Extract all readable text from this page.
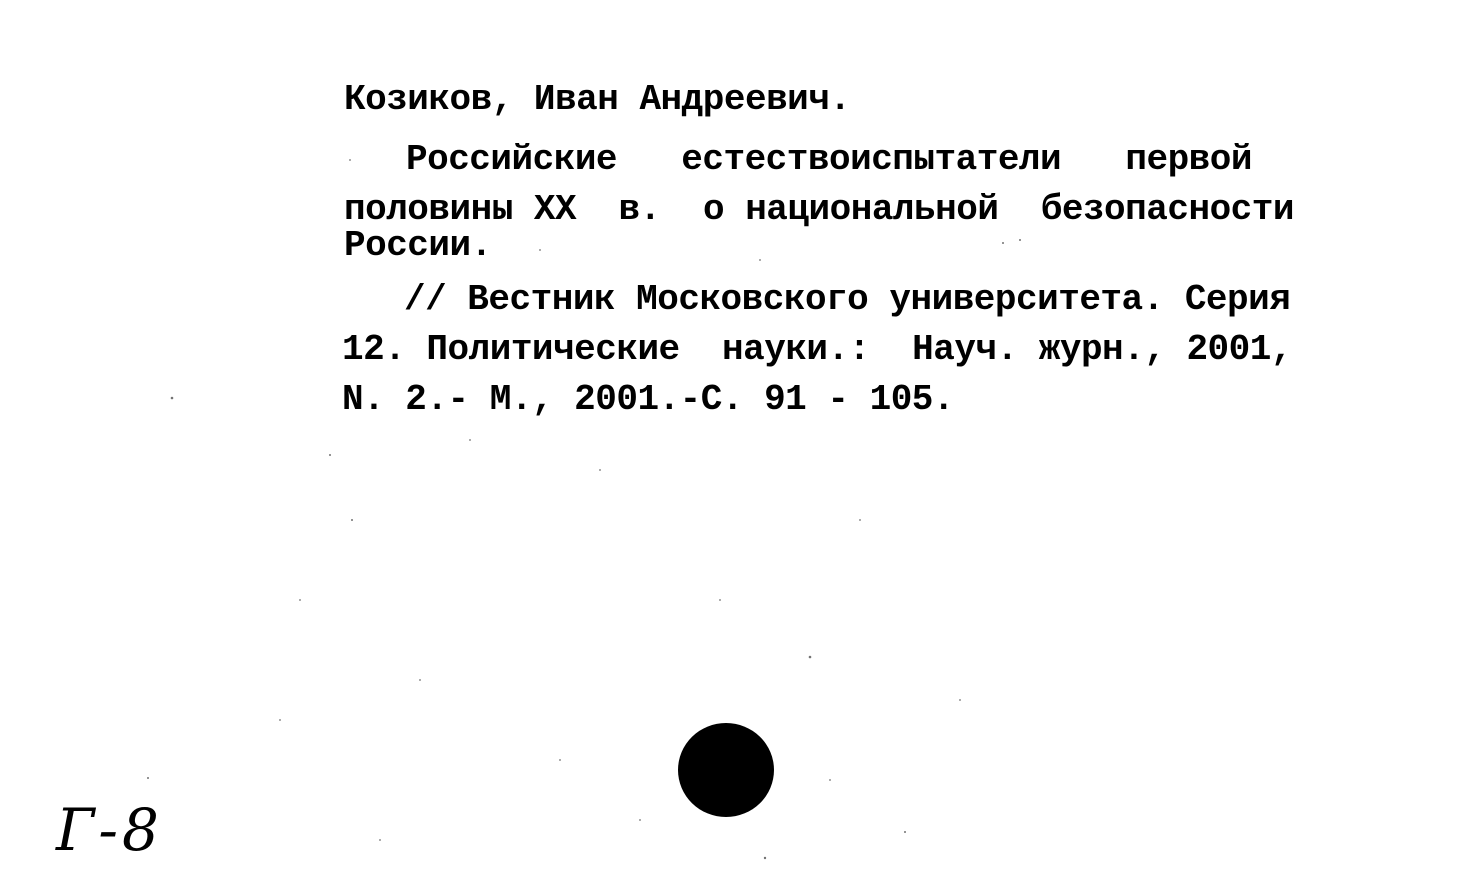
Козиков, Иван Андреевич.
Российские естествоиспытатели первой
половины XX в. о национальной безопасности
России.
// Вестник Московского университета. Серия
12. Политические науки.: Науч. журн., 2001,
N. 2.- М., 2001.-С. 91 - 105.
Г-8
